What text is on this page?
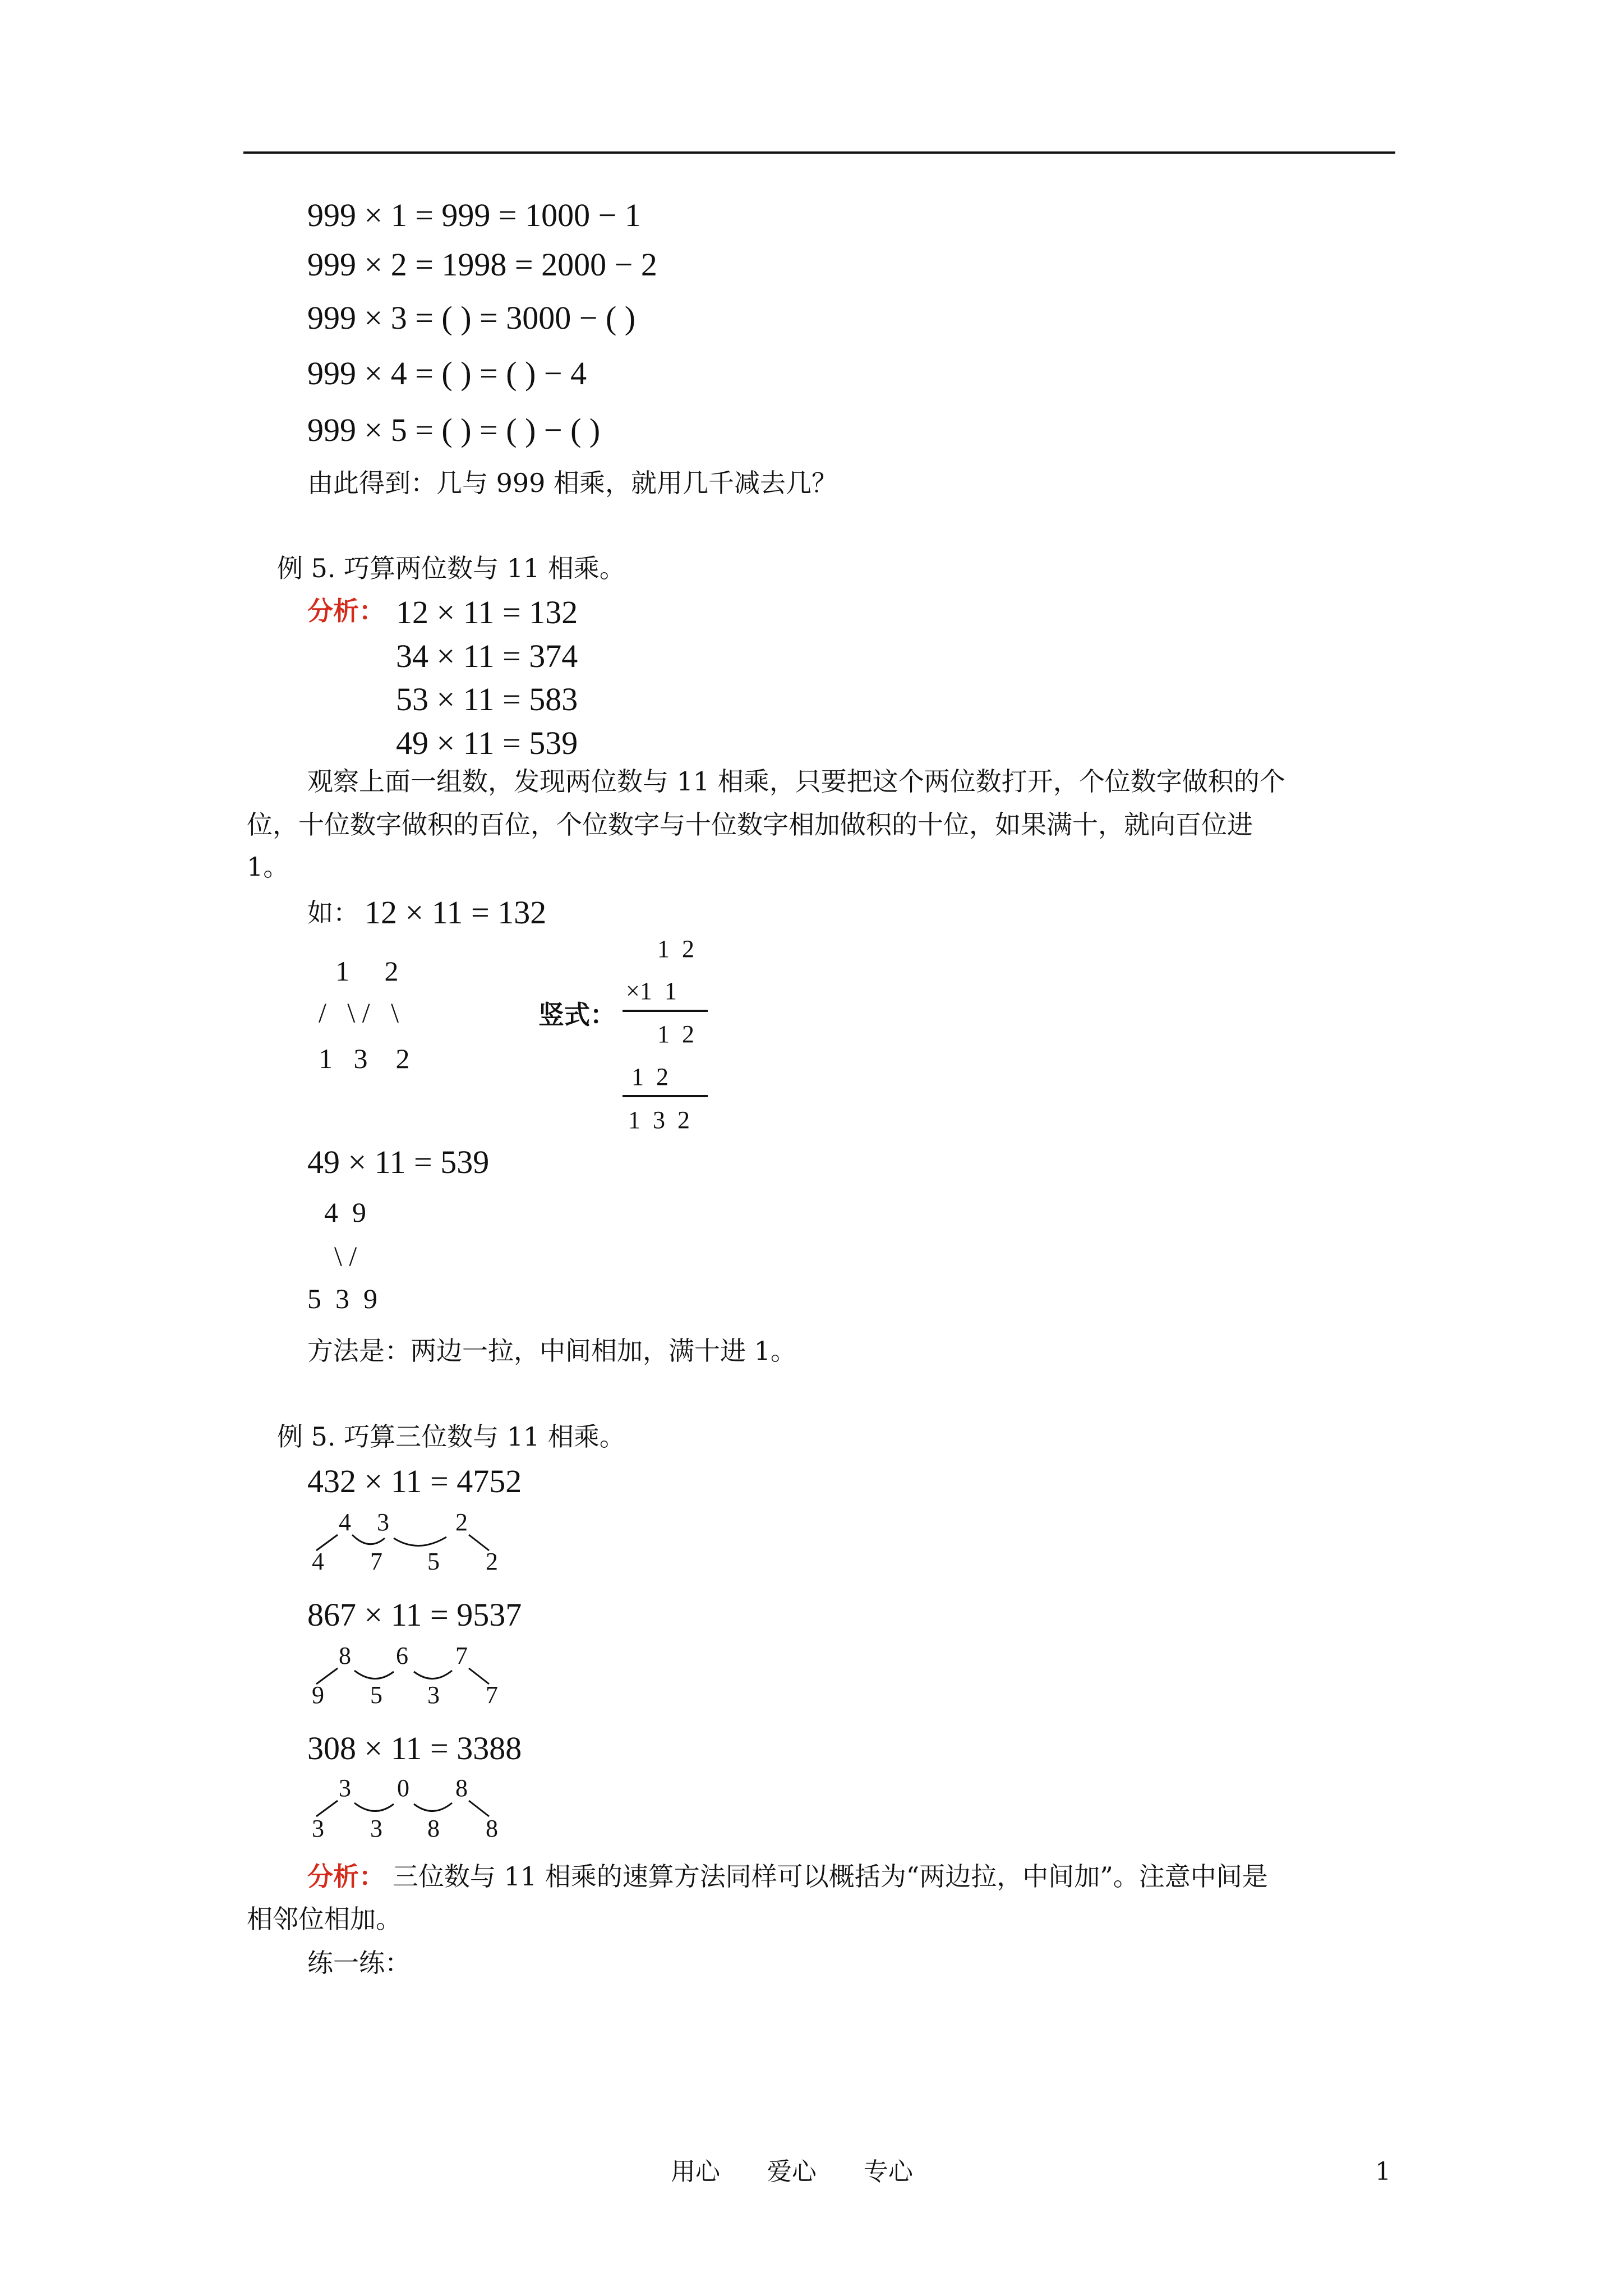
999 × 1 = 999 = 1000 − 1
999 × 2 = 1998 = 2000 − 2
999 × 3 = ( ) = 3000 − ( )
999 × 4 = ( ) = ( ) − 4
999 × 5 = ( ) = ( ) − ( )
由此得到：几与 999 相乘，就用几千减去几？
例 5. 巧算两位数与 11 相乘。
分析： 12 × 11 = 132
34 × 11 = 374
53 × 11 = 583
49 × 11 = 539
观察上面一组数，发现两位数与 11 相乘，只要把这个两位数打开，个位数字做积的个
位，十位数字做积的百位，个位数字与十位数字相加做积的十位，如果满十，就向百位进
1。
如： 12 × 11 = 132
1     2
/   \ /   \
1   3    2
竖式：
1  2
×1  1
1  2
1  2
1  3  2
49 × 11 = 539
4  9
\ /
5  3  9
方法是：两边一拉，中间相加，满十进 1。
例 5. 巧算三位数与 11 相乘。
432 × 11 = 4752
4 3	2
4 7 5 2
867 × 11 = 9537
8 6 7
9 5 3 7
308 × 11 = 3388
3 0 8
3 3 8 8
分析： 三位数与 11 相乘的速算方法同样可以概括为“两边拉，中间加”。注意中间是
相邻位相加。
练一练：
用心      爱心      专心	1
